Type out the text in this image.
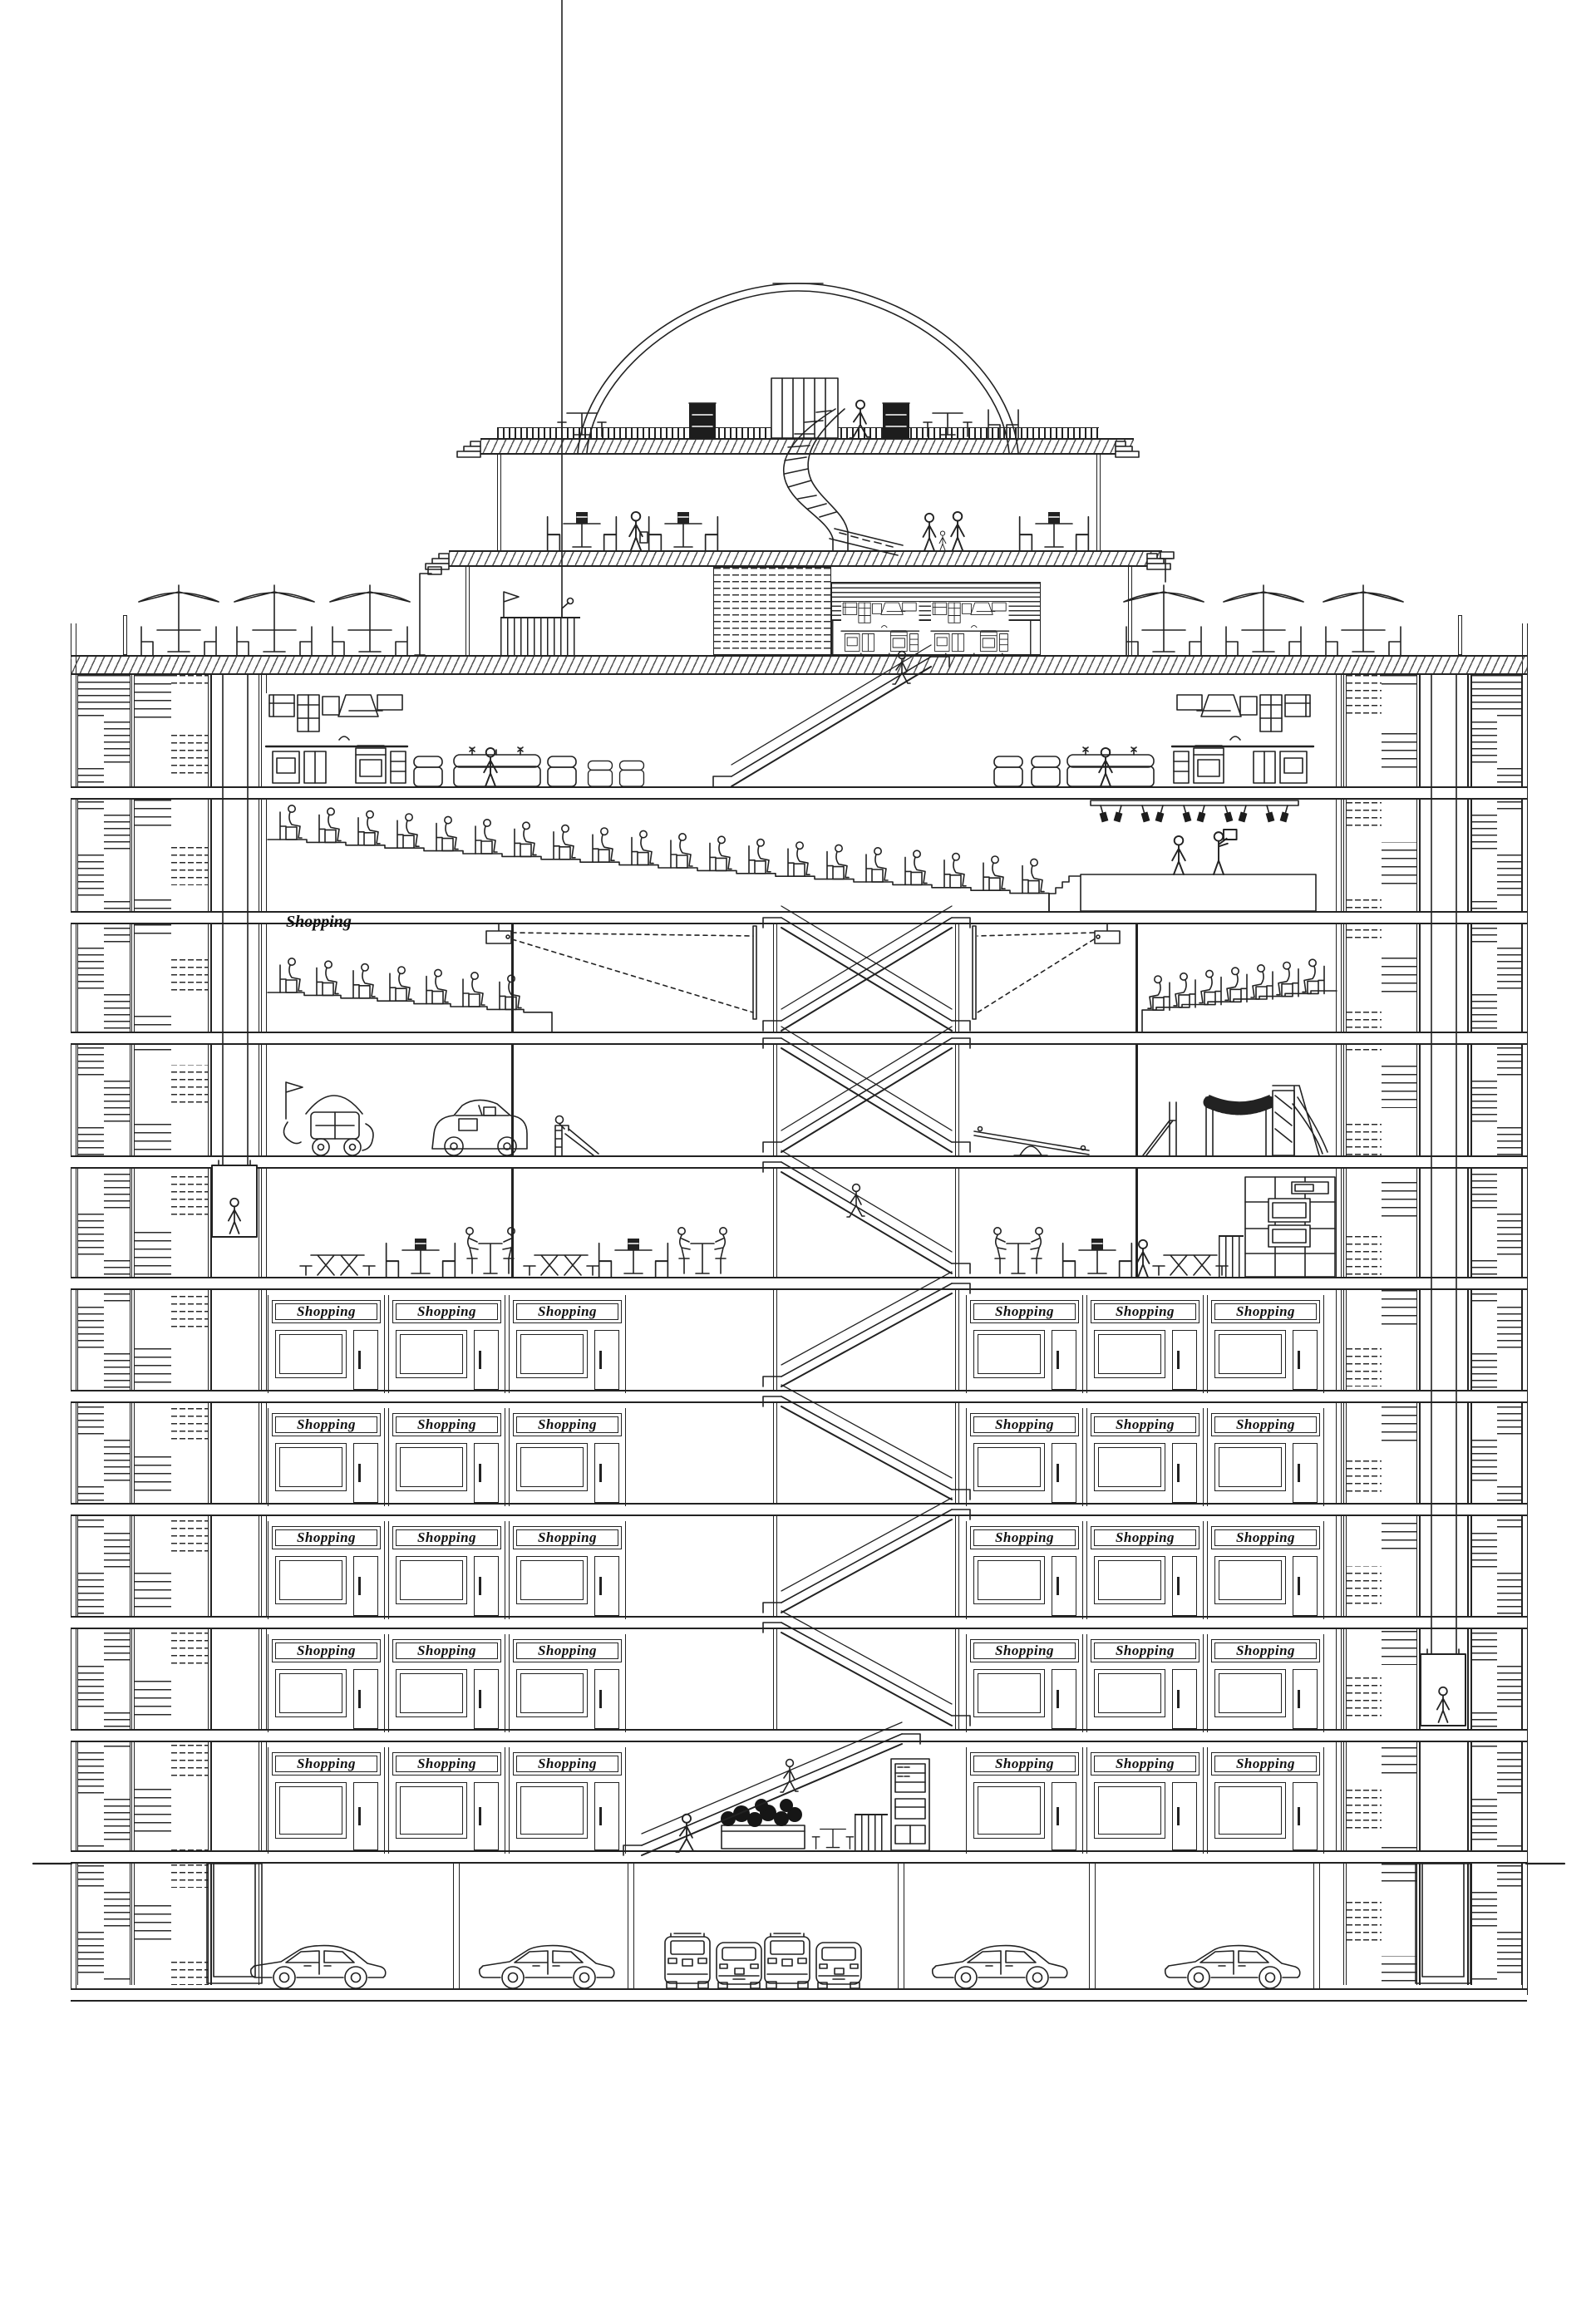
Shopping	Shopping	Shopping	Shopping	Shopping	Shopping
Shopping	Shopping	Shopping	Shopping	Shopping	Shopping
Shopping	Shopping	Shopping	Shopping	Shopping	Shopping
Shopping	Shopping	Shopping	Shopping	Shopping	Shopping
Shopping	Shopping	Shopping	Shopping	Shopping	Shopping
Shopping
